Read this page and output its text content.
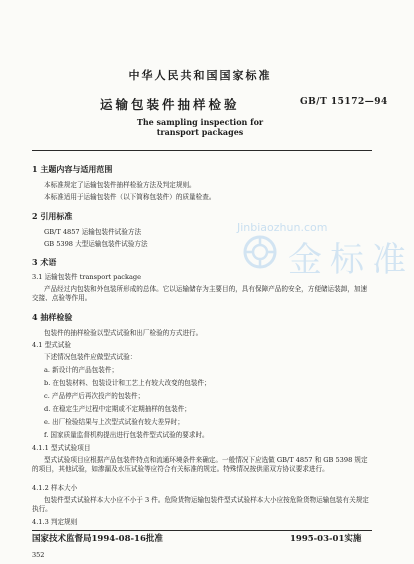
中华人民共和国国家标准
运输包装件抽样检验	GB/T 15172—94
The sampling inspection for
transport packages
Jinbiaozhun.com
金标准
1 主题内容与适用范围
本标准规定了运输包装件抽样检验方法及判定规则。
本标准适用于运输包装件（以下简称包装件）的质量检查。
2 引用标准
GB/T 4857 运输包装件试验方法
GB 5398 大型运输包装件试验方法
3 术语
3.1 运输包装件 transport package
产品经过内包装和外包装所形成的总体。它以运输储存为主要目的，具有保障产品的安全，方便储运装卸，加速交接、点验等作用。
4 抽样检验
包装件的抽样检验以型式试验和出厂检验的方式进行。
4.1 型式试验
下述情况包装件应做型式试验：
a. 新设计的产品包装件；
b. 在包装材料、包装设计和工艺上有较大改变的包装件；
c. 产品停产后再次投产的包装件；
d. 在稳定生产过程中定期或不定期抽样的包装件；
e. 出厂检验结果与上次型式试验有较大差异时；
f. 国家质量监督机构提出进行包装件型式试验的要求时。
4.1.1 型式试验项目
型式试验项目应根据产品包装件特点和流通环境条件来确定。一般情况下应选做 GB/T 4857 和 GB 5398 规定的项目，其他试验，如渗漏及水压试验等应符合有关标准的规定。特殊情况按供需双方协议要求进行。
4.1.2 样本大小
包装件型式试验样本大小应不小于 3 件。危险货物运输包装件型式试验样本大小应按危险货物运输包装有关规定执行。
4.1.3 判定规则
国家技术监督局1994-08-16批准	1995-03-01实施
352
